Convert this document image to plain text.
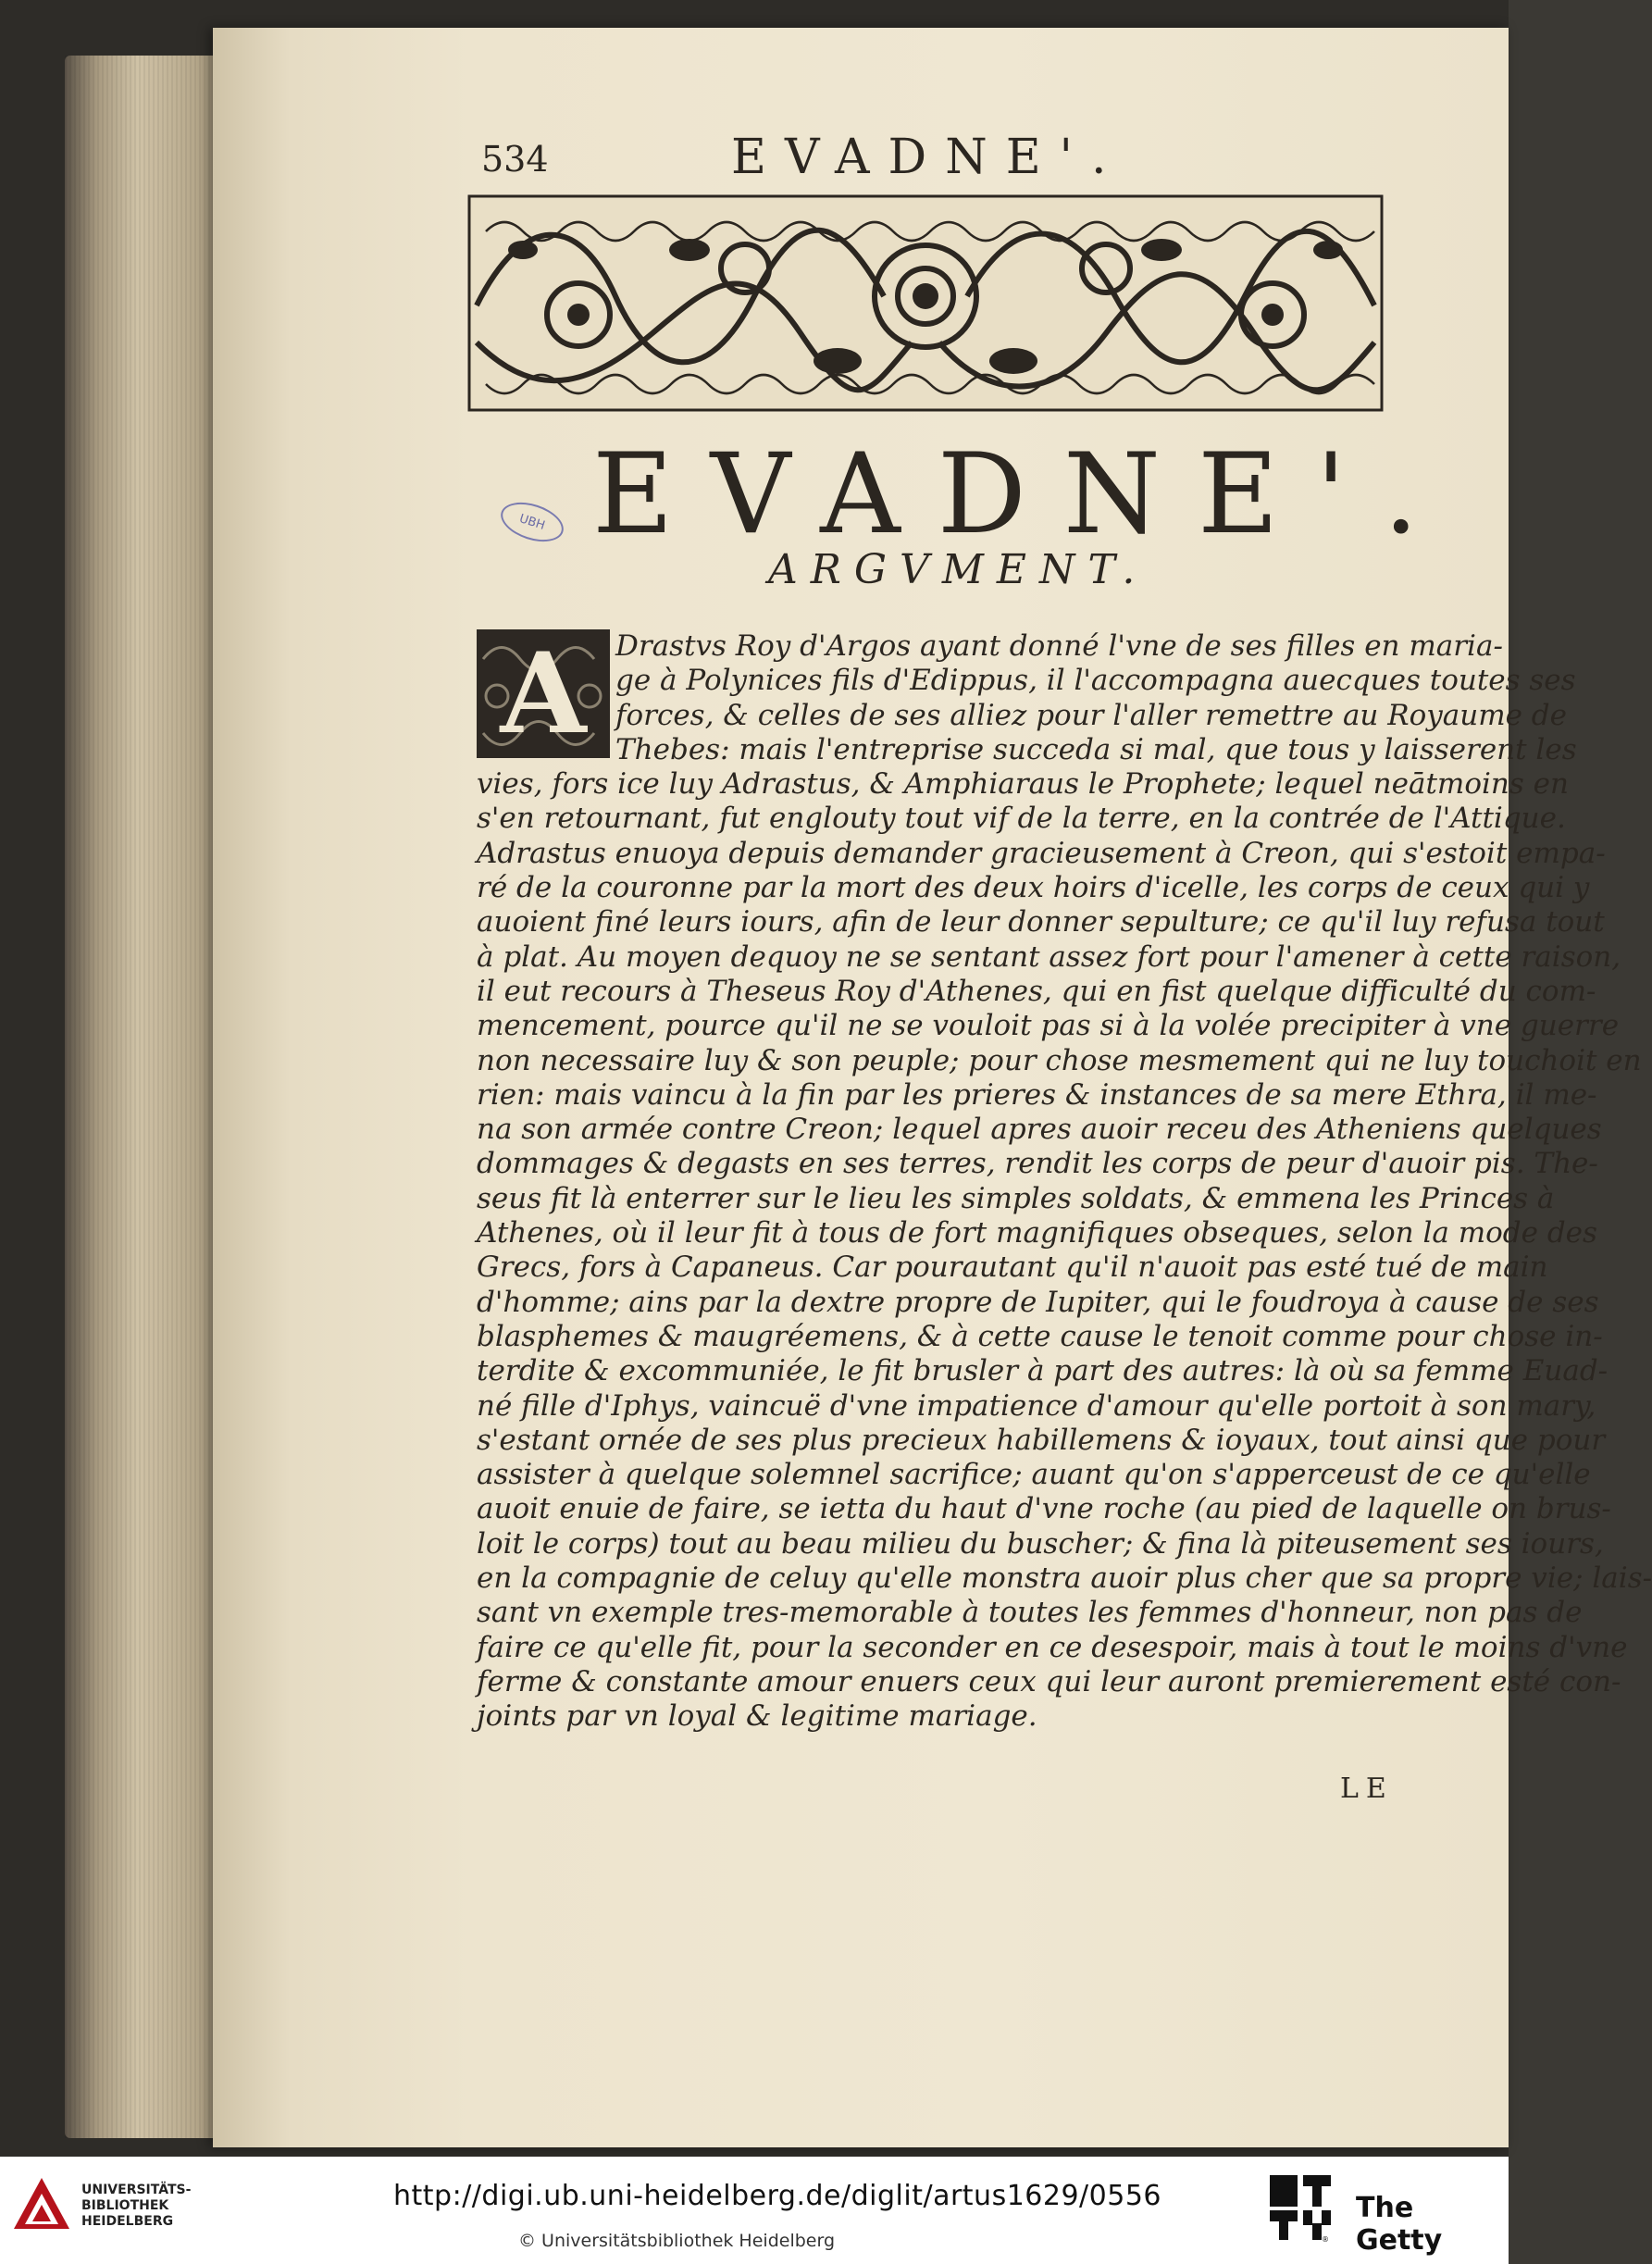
534	EVADNE'.
EVADNE'.
UBH
ARGVMENT.
Drastvs Roy d'Argos ayant donné l'vne de ses filles en maria-
ge à Polynices fils d'Edippus, il l'accompagna auecques toutes ses
forces, & celles de ses alliez pour l'aller remettre au Royaume de
Thebes: mais l'entreprise succeda si mal, que tous y laisserent les
vies, fors ice luy Adrastus, & Amphiaraus le Prophete; lequel neātmoins en
s'en retournant, fut englouty tout vif de la terre, en la contrée de l'Attique.
Adrastus enuoya depuis demander gracieusement à Creon, qui s'estoit empa-
ré de la couronne par la mort des deux hoirs d'icelle, les corps de ceux qui y
auoient finé leurs iours, afin de leur donner sepulture; ce qu'il luy refusa tout
à plat. Au moyen dequoy ne se sentant assez fort pour l'amener à cette raison,
il eut recours à Theseus Roy d'Athenes, qui en fist quelque difficulté du com-
mencement, pource qu'il ne se vouloit pas si à la volée precipiter à vne guerre
non necessaire luy & son peuple; pour chose mesmement qui ne luy touchoit en
rien: mais vaincu à la fin par les prieres & instances de sa mere Ethra, il me-
na son armée contre Creon; lequel apres auoir receu des Atheniens quelques
dommages & degasts en ses terres, rendit les corps de peur d'auoir pis. The-
seus fit là enterrer sur le lieu les simples soldats, & emmena les Princes à
Athenes, où il leur fit à tous de fort magnifiques obseques, selon la mode des
Grecs, fors à Capaneus. Car pourautant qu'il n'auoit pas esté tué de main
d'homme; ains par la dextre propre de Iupiter, qui le foudroya à cause de ses
blasphemes & maugréemens, & à cette cause le tenoit comme pour chose in-
terdite & excommuniée, le fit brusler à part des autres: là où sa femme Euad-
né fille d'Iphys, vaincuë d'vne impatience d'amour qu'elle portoit à son mary,
s'estant ornée de ses plus precieux habillemens & ioyaux, tout ainsi que pour
assister à quelque solemnel sacrifice; auant qu'on s'apperceust de ce qu'elle
auoit enuie de faire, se ietta du haut d'vne roche (au pied de laquelle on brus-
loit le corps) tout au beau milieu du buscher; & fina là piteusement ses iours,
en la compagnie de celuy qu'elle monstra auoir plus cher que sa propre vie; lais-
sant vn exemple tres-memorable à toutes les femmes d'honneur, non pas de
faire ce qu'elle fit, pour la seconder en ce desespoir, mais à tout le moins d'vne
ferme & constante amour enuers ceux qui leur auront premierement esté con-
joints par vn loyal & legitime mariage.
A
LE
UNIVERSITÄTS-
BIBLIOTHEK
HEIDELBERG
http://digi.ub.uni-heidelberg.de/diglit/artus1629/0556
© Universitätsbibliothek Heidelberg	®
The Getty
